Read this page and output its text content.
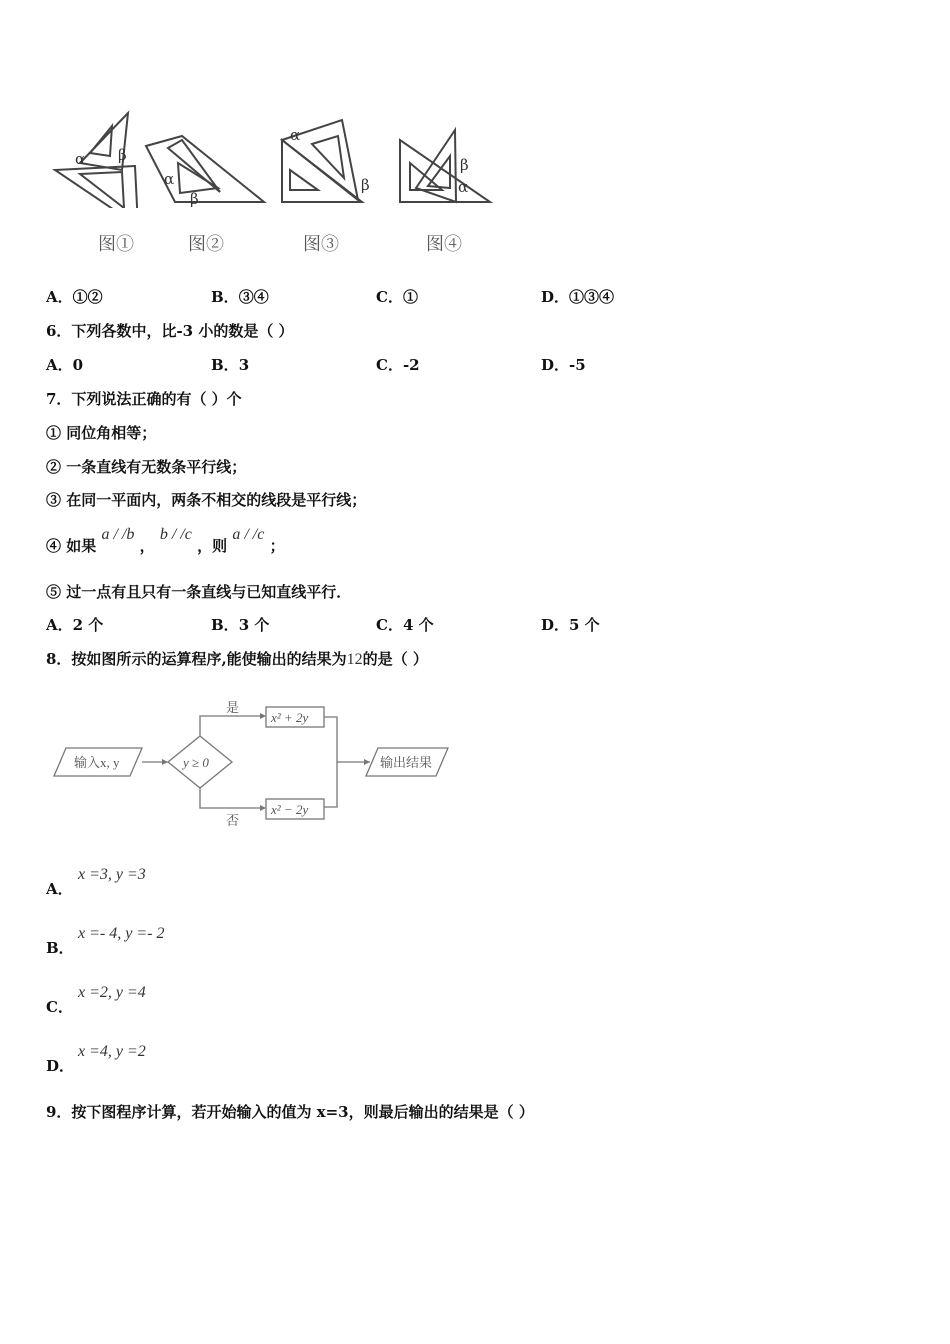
α β
α
β
α
β
β
α
图①	图②	图③	图④
A．①②	B．③④	C．①	D．①③④
6．下列各数中，比-3 小的数是（ ）
A．0	B．3	C．-2	D．-5
7．下列说法正确的有（ ）个
① 同位角相等；
② 一条直线有无数条平行线；
③ 在同一平面内，两条不相交的线段是平行线；
④ 如果 a / /b ， b / /c ，则 a / /c ；
⑤ 过一点有且只有一条直线与已知直线平行．
A．2 个	B．3 个	C．4 个	D．5 个
8．按如图所示的运算程序,能使输出的结果为12的是（ ）
输入x, y	y ≥ 0
是
否
x² + 2y
x² − 2y
输出结果
A．
x =3, y =3
B．
x =- 4, y =- 2
C．
x =2, y =4
D．
x =4, y =2
9．按下图程序计算，若开始输入的值为 x=3，则最后输出的结果是（ ）
